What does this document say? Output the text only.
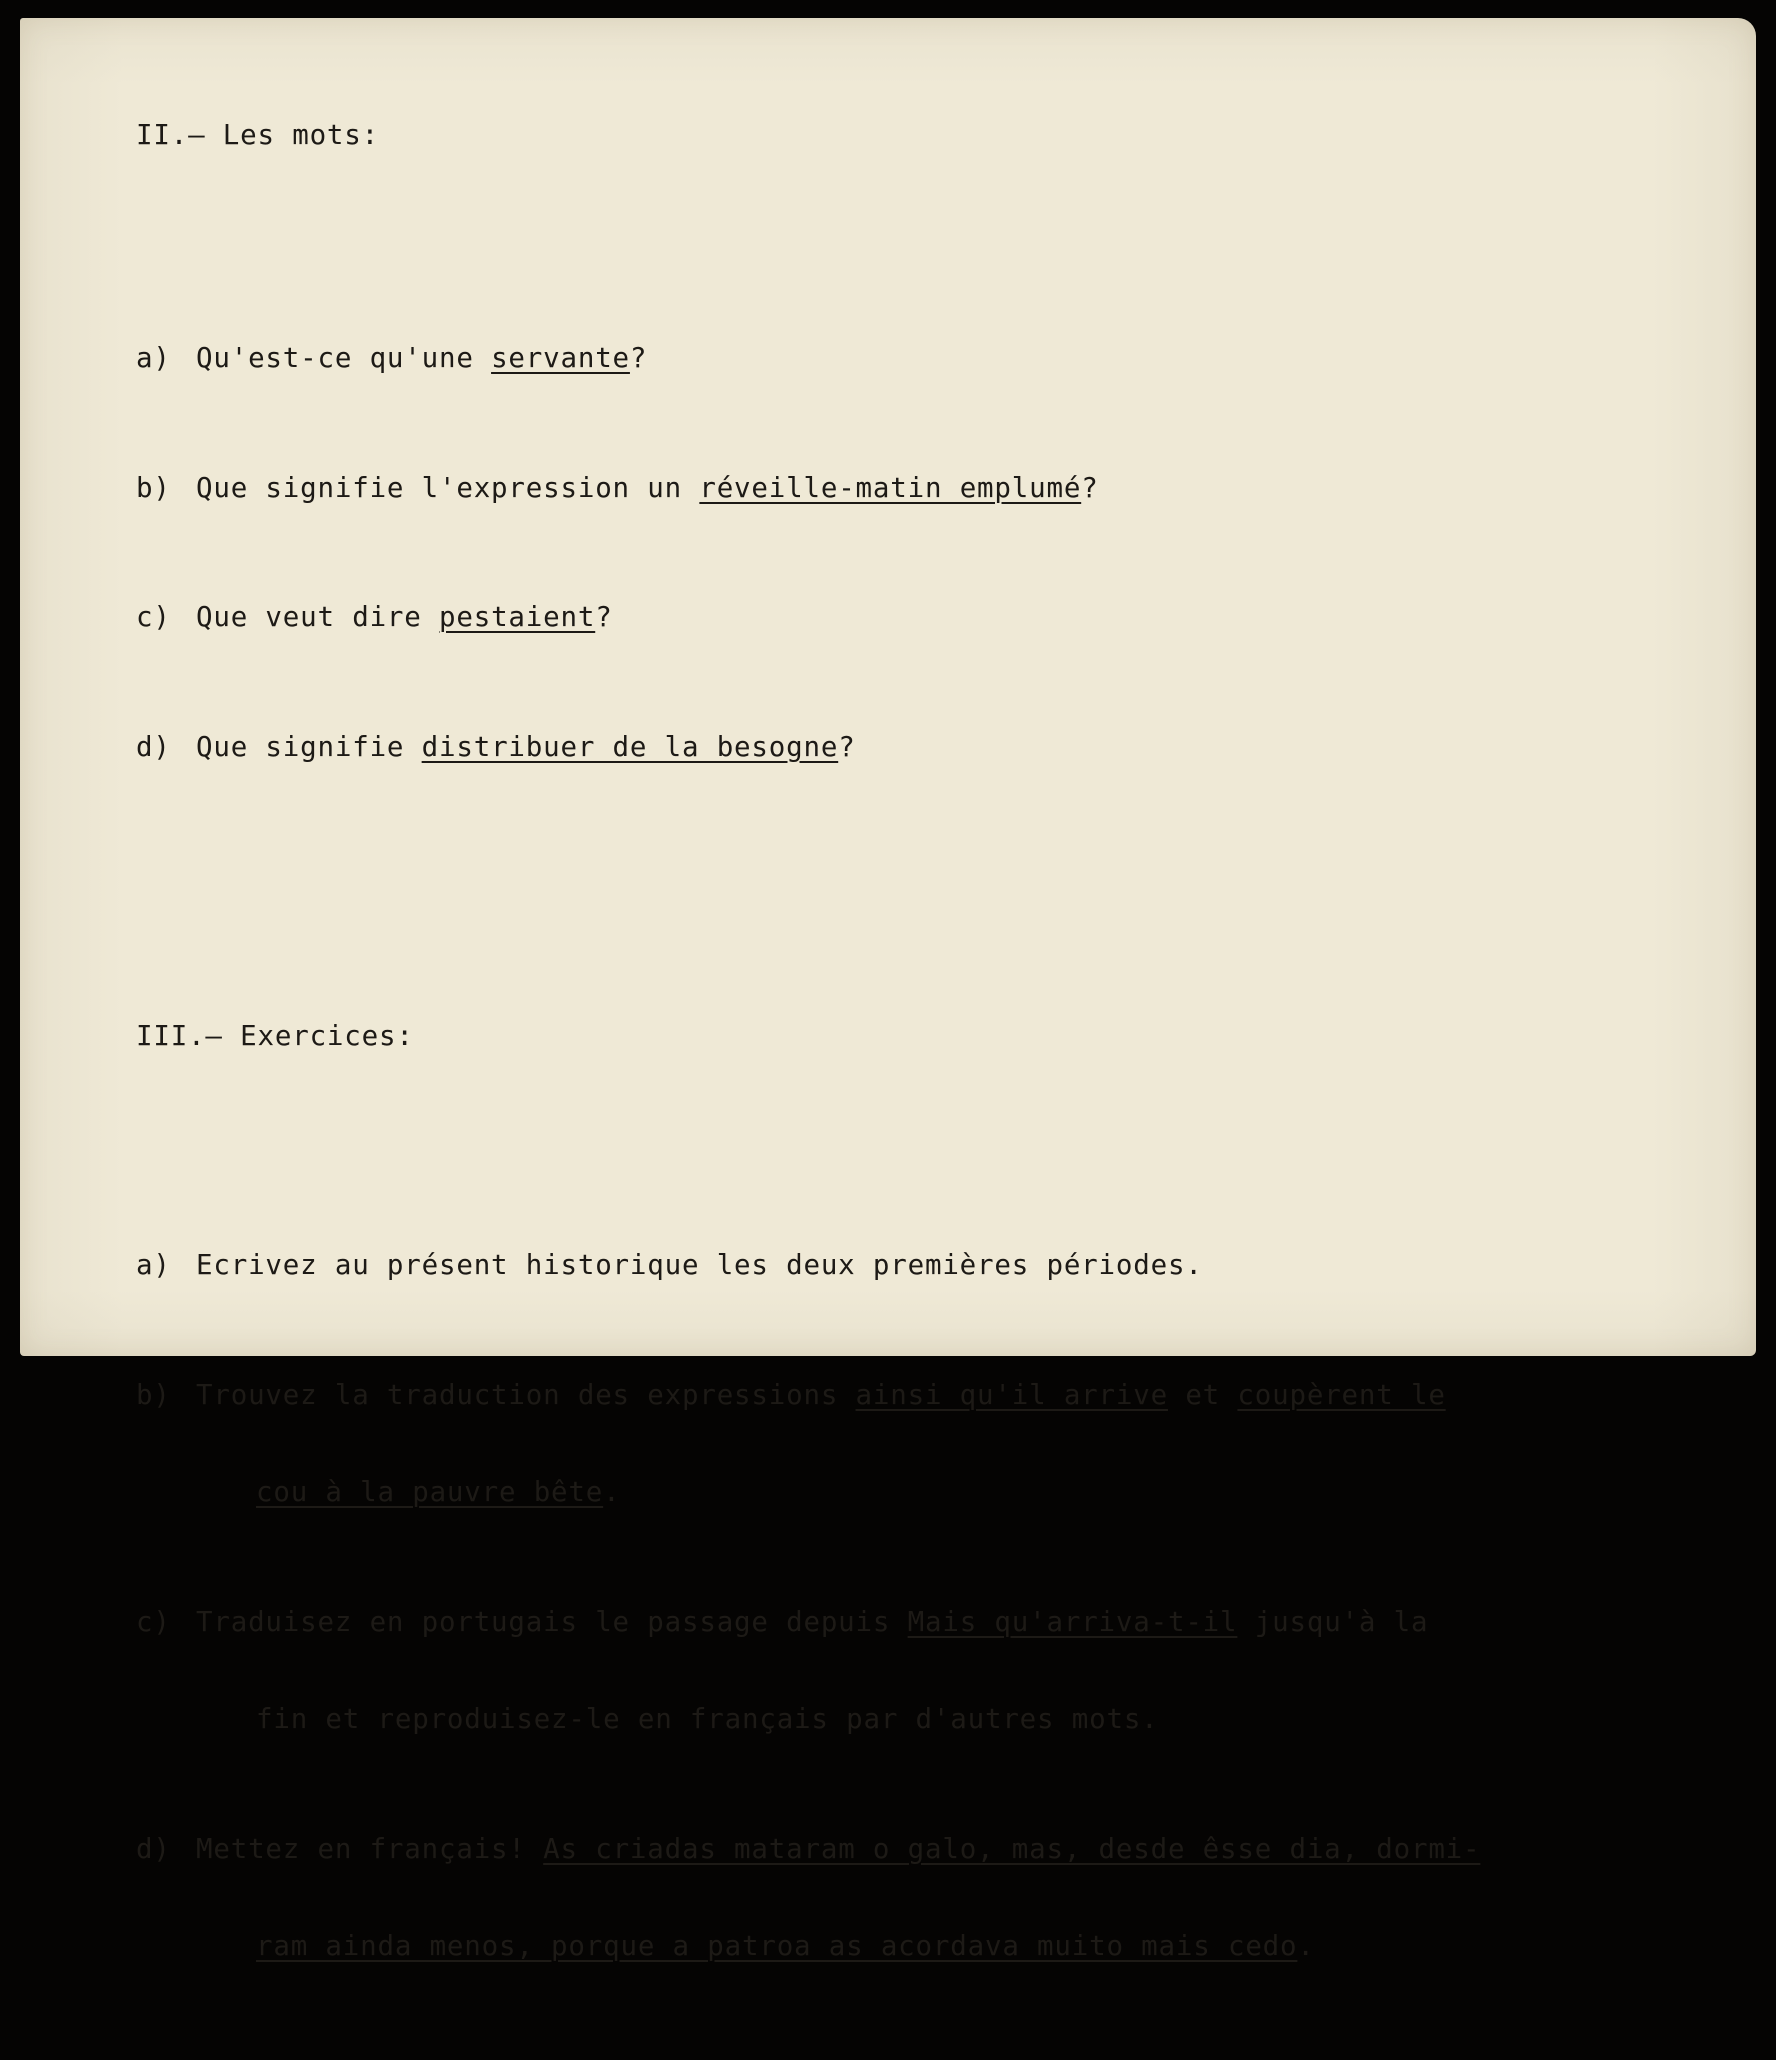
II.— Les mots:

a) Qu'est-ce qu'une servante?

b) Que signifie l'expression un réveille-matin emplumé?

c) Que veut dire pestaient?

d) Que signifie distribuer de la besogne?

III.— Exercices:

a) Ecrivez au présent historique les deux premières périodes.

b) Trouvez la traduction des expressions ainsi qu'il arrive et coupèrent le

cou à la pauvre bête.

c) Traduisez en portugais le passage depuis Mais qu'arriva-t-il jusqu'à la

fin et reproduisez-le en français par d'autres mots.

d) Mettez en français! As criadas mataram o galo, mas, desde êsse dia, dormi-

ram ainda menos, porque a patroa as acordava muito mais cedo.
